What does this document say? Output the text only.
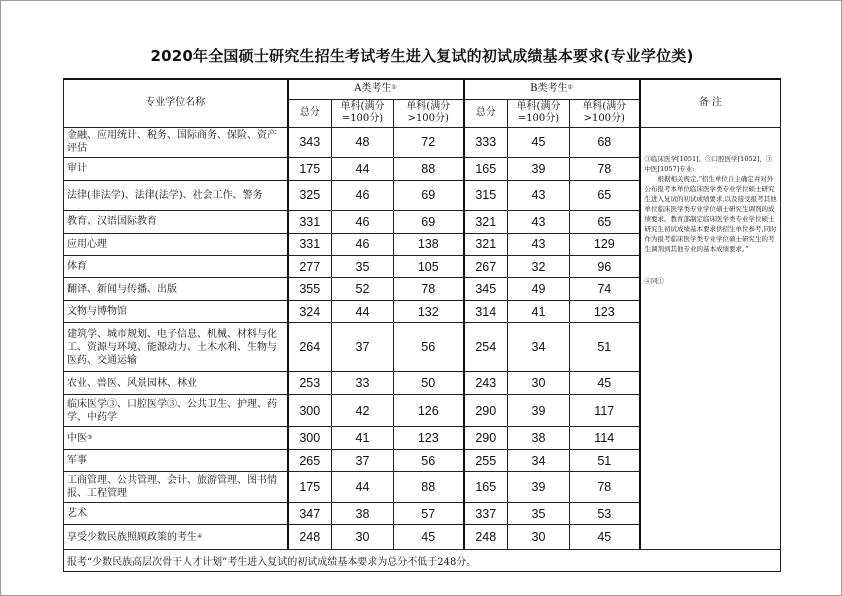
2020年全国硕士研究生招生考试考生进入复试的初试成绩基本要求(专业学位类)
专业学位名称	A类考生①			B类考生②			备 注
	总分	单科(满分=100分)	单科(满分>100分)	总分	单科(满分=100分)	单科(满分>100分)	
金融、应用统计、税务、国际商务、保险、资产评估	343	48	72	333	45	68	③临床医学[1051]、③口腔医学[1052]、③中医[1057]专业:

根据相关规定,“招生单位自主确定并对外公布报考本单位临床医学类专业学位硕士研究生进入复试的初试成绩要求,以及接受报考其他单位临床医学类专业学位硕士研究生调剂的成绩要求。教育部制定临床医学类专业学位硕士研究生初试成绩基本要求供招生单位参考,同时作为报考临床医学类专业学位硕士研究生的考生调剂到其他专业的基本成绩要求。”

④同①

审计	175	44	88	165	39	78	
法律(非法学)、法律(法学)、社会工作、警务	325	46	69	315	43	65	
教育、汉语国际教育	331	46	69	321	43	65	
应用心理	331	46	138	321	43	129	
体育	277	35	105	267	32	96	
翻译、新闻与传播、出版	355	52	78	345	49	74	
文物与博物馆	324	44	132	314	41	123	
建筑学、城市规划、电子信息、机械、材料与化工、资源与环境、能源动力、土木水利、生物与医药、交通运输	264	37	56	254	34	51	
农业、兽医、风景园林、林业	253	33	50	243	30	45	
临床医学③、口腔医学③、公共卫生、护理、药学、中药学	300	42	126	290	39	117	
中医③	300	41	123	290	38	114	
军事	265	37	56	255	34	51	
工商管理、公共管理、会计、旅游管理、图书情报、工程管理	175	44	88	165	39	78	
艺术	347	38	57	337	35	53	
享受少数民族照顾政策的考生④	248	30	45	248	30	45	
报考“少数民族高层次骨干人才计划”考生进入复试的初试成绩基本要求为总分不低于248分。							
